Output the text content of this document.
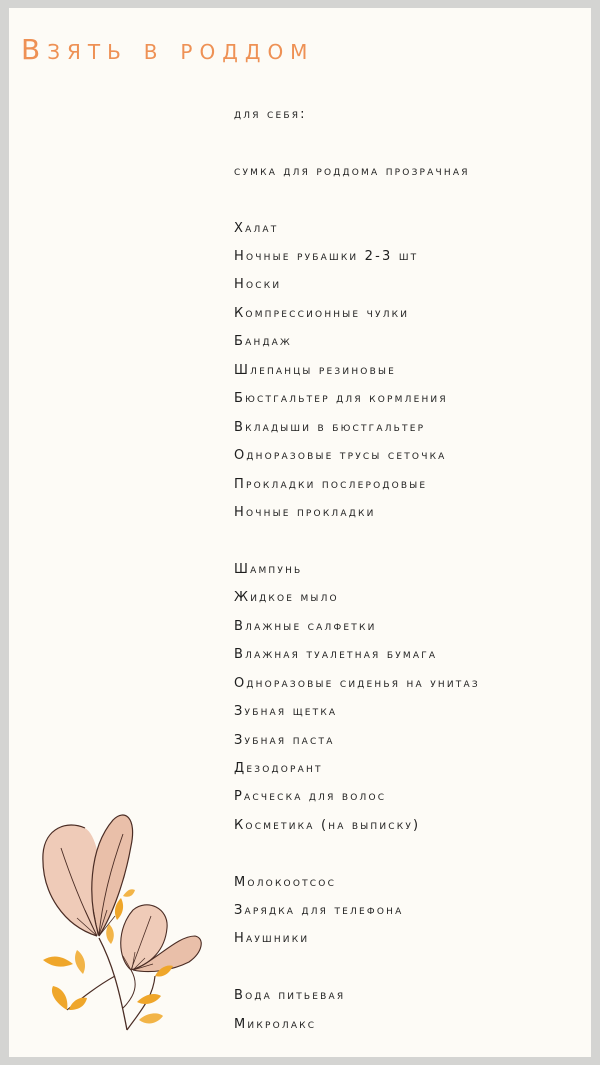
Взять в роддом
для себя:
сумка для роддома прозрачная
Халат
Ночные рубашки 2-3 шт
Носки
Компрессионные чулки
Бандаж
Шлепанцы резиновые
Бюстгальтер для кормления
Вкладыши в бюстгальтер
Одноразовые трусы сеточка
Прокладки послеродовые
Ночные прокладки
Шампунь
Жидкое мыло
Влажные салфетки
Влажная туалетная бумага
Одноразовые сиденья на унитаз
Зубная щетка
Зубная паста
Дезодорант
Расческа для волос
Косметика (на выписку)
Молокоотсос
Зарядка для телефона
Наушники
Вода питьевая
Микролакс
